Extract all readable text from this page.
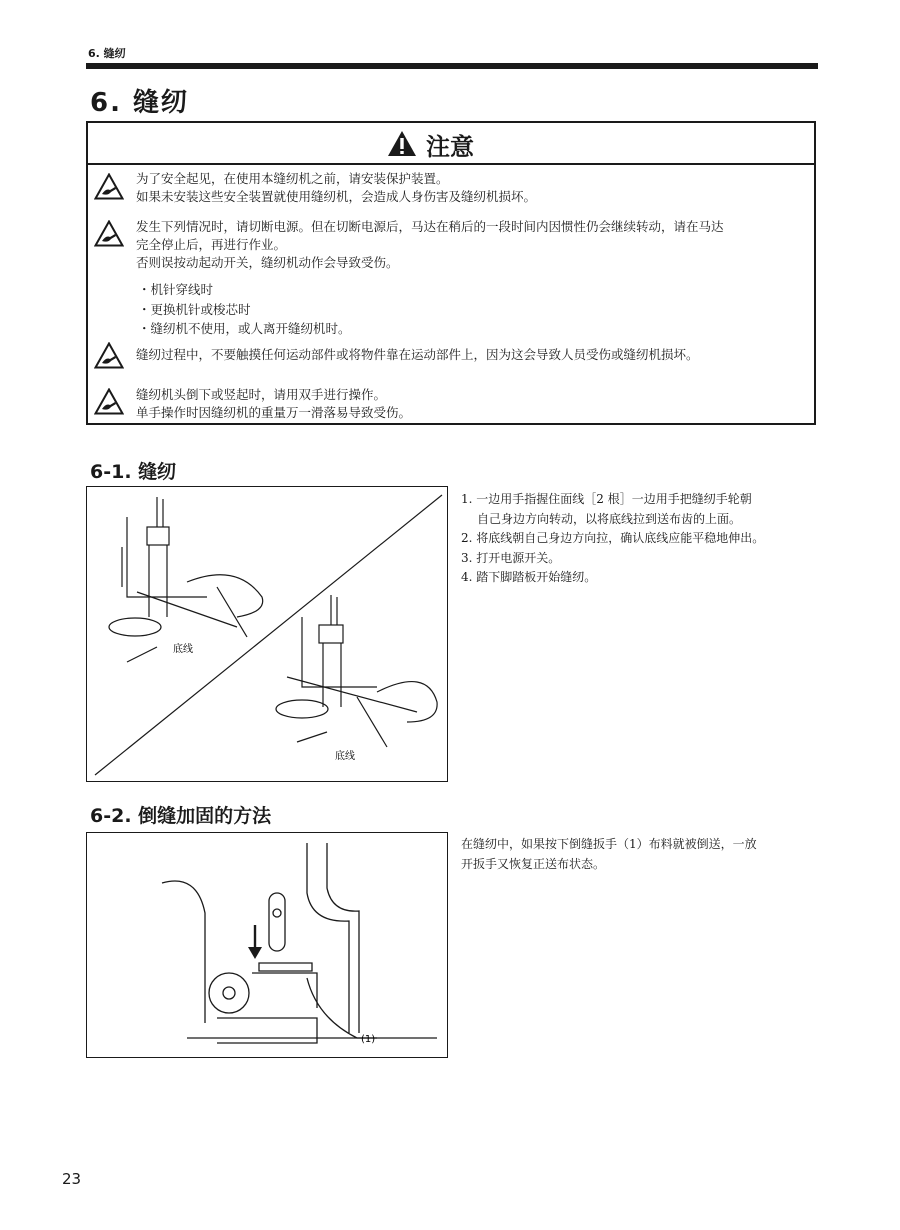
6. 缝纫
6. 缝纫
注意
为了安全起见，在使用本缝纫机之前，请安装保护装置。
如果未安装这些安全装置就使用缝纫机，会造成人身伤害及缝纫机损坏。
发生下列情况时，请切断电源。但在切断电源后，马达在稍后的一段时间内因惯性仍会继续转动，请在马达
完全停止后，再进行作业。
否则误按动起动开关，缝纫机动作会导致受伤。
・机针穿线时
・更换机针或梭芯时
・缝纫机不使用，或人离开缝纫机时。
缝纫过程中，不要触摸任何运动部件或将物件靠在运动部件上，因为这会导致人员受伤或缝纫机损坏。
缝纫机头倒下或竖起时，请用双手进行操作。
单手操作时因缝纫机的重量万一滑落易导致受伤。
6-1. 缝纫
底线
底线
1. 一边用手指握住面线［2 根］一边用手把缝纫手轮朝
自己身边方向转动，以将底线拉到送布齿的上面。
2. 将底线朝自己身边方向拉，确认底线应能平稳地伸出。
3. 打开电源开关。
4. 踏下脚踏板开始缝纫。
6-2. 倒缝加固的方法
(1)
在缝纫中，如果按下倒缝扳手（1）布料就被倒送，一放
开扳手又恢复正送布状态。
23
